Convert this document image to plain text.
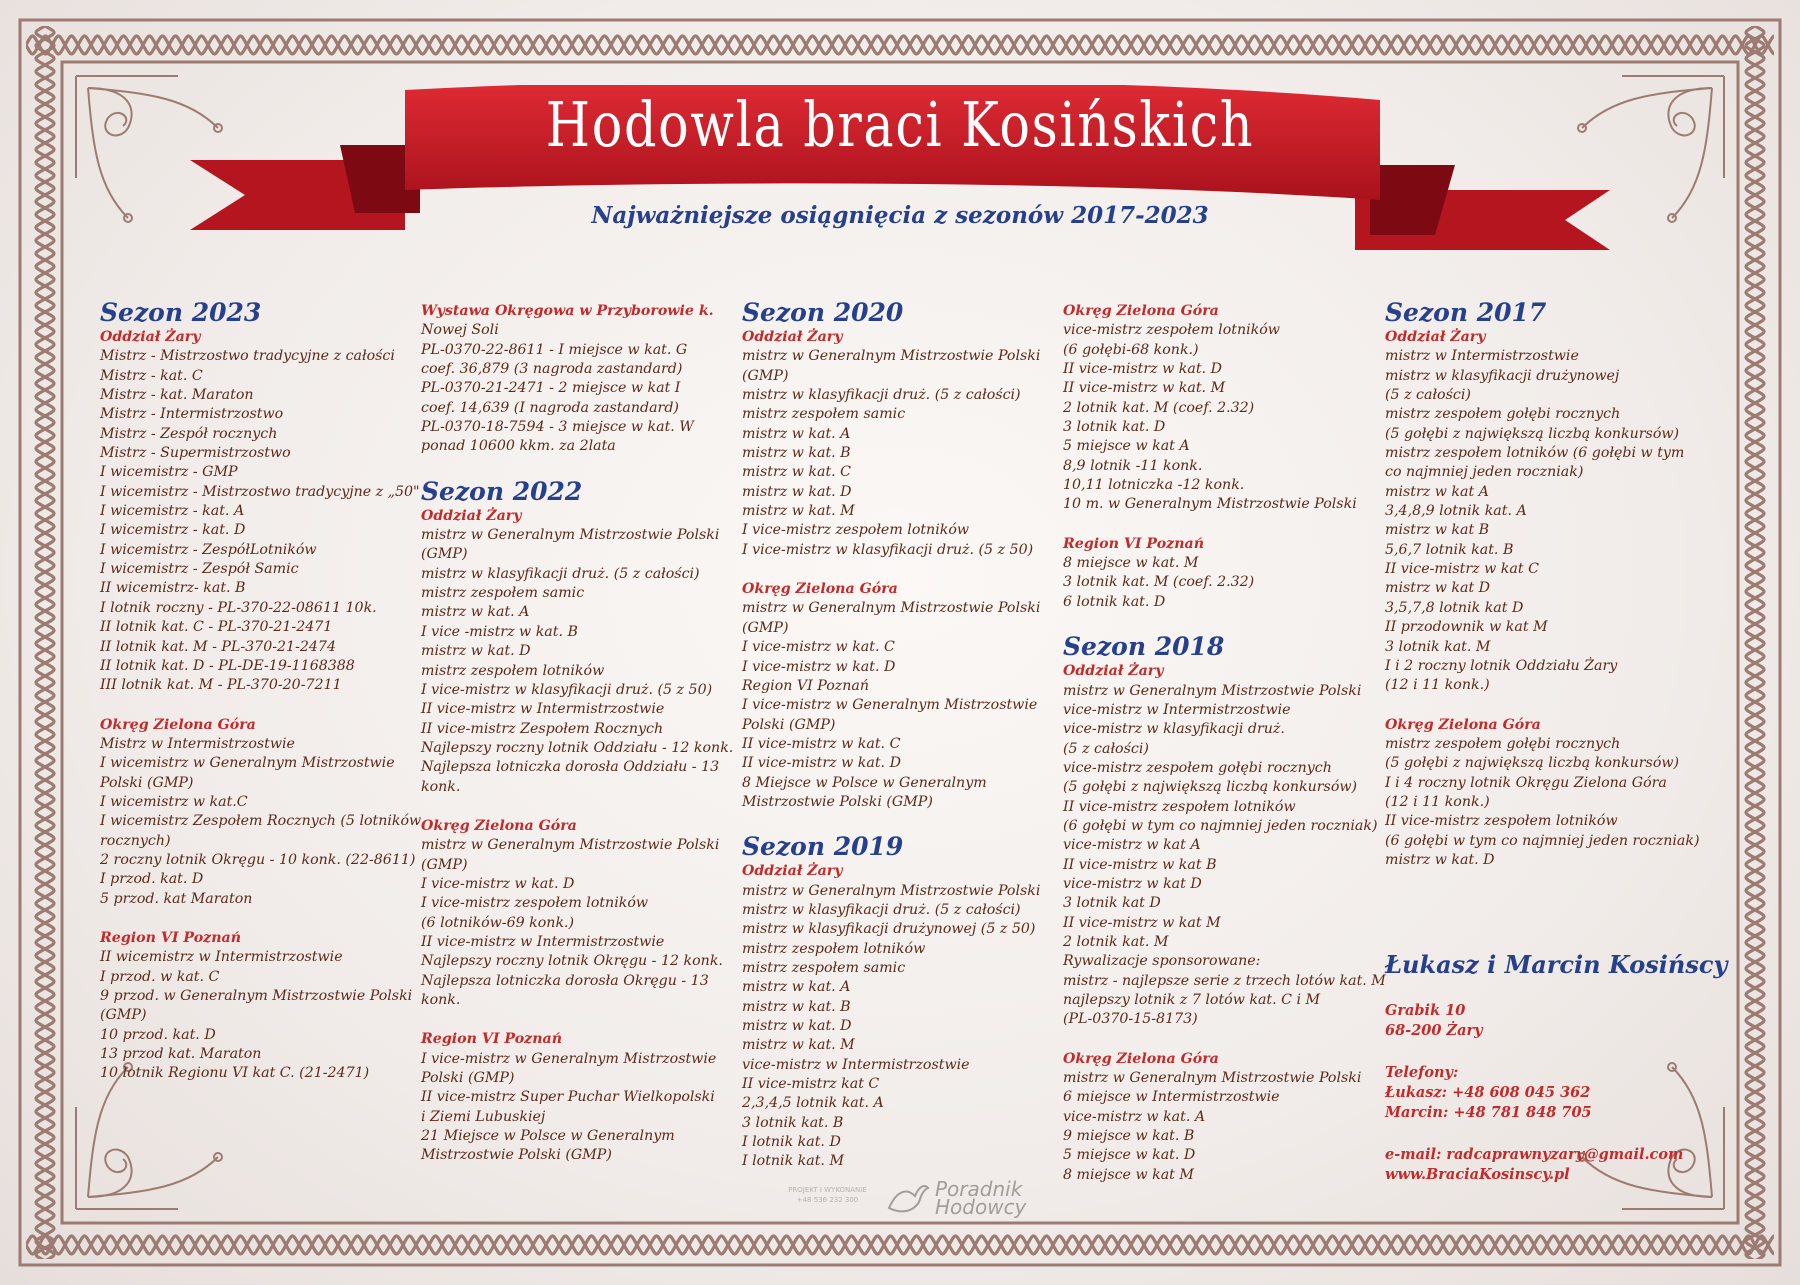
Hodowla braci Kosińskich
Najważniejsze osiągnięcia z sezonów 2017-2023

Sezon 2023

Oddział Żary

Mistrz - Mistrzostwo tradycyjne z całości

Mistrz - kat. C

Mistrz - kat. Maraton

Mistrz - Intermistrzostwo

Mistrz - Zespół rocznych

Mistrz - Supermistrzostwo

I wicemistrz - GMP

I wicemistrz - Mistrzostwo tradycyjne z „50"

I wicemistrz - kat. A

I wicemistrz - kat. D

I wicemistrz - ZespółLotników

I wicemistrz - Zespół Samic

II wicemistrz- kat. B

I lotnik roczny - PL-370-22-08611 10k.

II lotnik kat. C - PL-370-21-2471

II lotnik kat. M - PL-370-21-2474

II lotnik kat. D - PL-DE-19-1168388

III lotnik kat. M - PL-370-20-7211

Okręg Zielona Góra

Mistrz w Intermistrzostwie

I wicemistrz w Generalnym Mistrzostwie

Polski (GMP)

I wicemistrz w kat.C

I wicemistrz Zespołem Rocznych (5 lotników

rocznych)

2 roczny lotnik Okręgu - 10 konk. (22-8611)

I przod. kat. D

5 przod. kat Maraton

Region VI Poznań

II wicemistrz w Intermistrzostwie

I przod. w kat. C

9 przod. w Generalnym Mistrzostwie Polski

(GMP)

10 przod. kat. D

13 przod kat. Maraton

10 lotnik Regionu VI kat C. (21-2471)

Wystawa Okręgowa w Przyborowie k.

Nowej Soli

PL-0370-22-8611 - I miejsce w kat. G

coef. 36,879 (3 nagroda zastandard)

PL-0370-21-2471 - 2 miejsce w kat I

coef. 14,639 (I nagroda zastandard)

PL-0370-18-7594 - 3 miejsce w kat. W

ponad 10600 kkm. za 2lata

Sezon 2022

Oddział Żary

mistrz w Generalnym Mistrzostwie Polski

(GMP)

mistrz w klasyfikacji druż. (5 z całości)

mistrz zespołem samic

mistrz w kat. A

I vice -mistrz w kat. B

mistrz w kat. D

mistrz zespołem lotników

I vice-mistrz w klasyfikacji druż. (5 z 50)

II vice-mistrz w Intermistrzostwie

II vice-mistrz Zespołem Rocznych

Najlepszy roczny lotnik Oddziału - 12 konk.

Najlepsza lotniczka dorosła Oddziału - 13

konk.

Okręg Zielona Góra

mistrz w Generalnym Mistrzostwie Polski

(GMP)

I vice-mistrz w kat. D

I vice-mistrz zespołem lotników

(6 lotników-69 konk.)

II vice-mistrz w Intermistrzostwie

Najlepszy roczny lotnik Okręgu - 12 konk.

Najlepsza lotniczka dorosła Okręgu - 13

konk.

Region VI Poznań

I vice-mistrz w Generalnym Mistrzostwie

Polski (GMP)

II vice-mistrz Super Puchar Wielkopolski

i Ziemi Lubuskiej

21 Miejsce w Polsce w Generalnym

Mistrzostwie Polski (GMP)

Sezon 2020

Oddział Żary

mistrz w Generalnym Mistrzostwie Polski

(GMP)

mistrz w klasyfikacji druż. (5 z całości)

mistrz zespołem samic

mistrz w kat. A

mistrz w kat. B

mistrz w kat. C

mistrz w kat. D

mistrz w kat. M

I vice-mistrz zespołem lotników

I vice-mistrz w klasyfikacji druż. (5 z 50)

Okręg Zielona Góra

mistrz w Generalnym Mistrzostwie Polski

(GMP)

I vice-mistrz w kat. C

I vice-mistrz w kat. D

Region VI Poznań

I vice-mistrz w Generalnym Mistrzostwie

Polski (GMP)

II vice-mistrz w kat. C

II vice-mistrz w kat. D

8 Miejsce w Polsce w Generalnym

Mistrzostwie Polski (GMP)

Sezon 2019

Oddział Żary

mistrz w Generalnym Mistrzostwie Polski

mistrz w klasyfikacji druż. (5 z całości)

mistrz w klasyfikacji drużynowej (5 z 50)

mistrz zespołem lotników

mistrz zespołem samic

mistrz w kat. A

mistrz w kat. B

mistrz w kat. D

mistrz w kat. M

vice-mistrz w Intermistrzostwie

II vice-mistrz kat C

2,3,4,5 lotnik kat. A

3 lotnik kat. B

I lotnik kat. D

I lotnik kat. M

Okręg Zielona Góra

vice-mistrz zespołem lotników

(6 gołębi-68 konk.)

II vice-mistrz w kat. D

II vice-mistrz w kat. M

2 lotnik kat. M (coef. 2.32)

3 lotnik kat. D

5 miejsce w kat A

8,9 lotnik -11 konk.

10,11 lotniczka -12 konk.

10 m. w Generalnym Mistrzostwie Polski

Region VI Poznań

8 miejsce w kat. M

3 lotnik kat. M (coef. 2.32)

6 lotnik kat. D

Sezon 2018

Oddział Żary

mistrz w Generalnym Mistrzostwie Polski

vice-mistrz w Intermistrzostwie

vice-mistrz w klasyfikacji druż.

(5 z całości)

vice-mistrz zespołem gołębi rocznych

(5 gołębi z największą liczbą konkursów)

II vice-mistrz zespołem lotników

(6 gołębi w tym co najmniej jeden roczniak)

vice-mistrz w kat A

II vice-mistrz w kat B

vice-mistrz w kat D

3 lotnik kat D

II vice-mistrz w kat M

2 lotnik kat. M

Rywalizacje sponsorowane:

mistrz - najlepsze serie z trzech lotów kat. M

najlepszy lotnik z 7 lotów kat. C i M

(PL-0370-15-8173)

Okręg Zielona Góra

mistrz w Generalnym Mistrzostwie Polski

6 miejsce w Intermistrzostwie

vice-mistrz w kat. A

9 miejsce w kat. B

5 miejsce w kat. D

8 miejsce w kat M

Sezon 2017

Oddział Żary

mistrz w Intermistrzostwie

mistrz w klasyfikacji drużynowej

(5 z całości)

mistrz zespołem gołębi rocznych

(5 gołębi z największą liczbą konkursów)

mistrz zespołem lotników (6 gołębi w tym

co najmniej jeden roczniak)

mistrz w kat A

3,4,8,9 lotnik kat. A

mistrz w kat B

5,6,7 lotnik kat. B

II vice-mistrz w kat C

mistrz w kat D

3,5,7,8 lotnik kat D

II przodownik w kat M

3 lotnik kat. M

I i 2 roczny lotnik Oddziału Żary

(12 i 11 konk.)

Okręg Zielona Góra

mistrz zespołem gołębi rocznych

(5 gołębi z największą liczbą konkursów)

I i 4 roczny lotnik Okręgu Zielona Góra

(12 i 11 konk.)

II vice-mistrz zespołem lotników

(6 gołębi w tym co najmniej jeden roczniak)

mistrz w kat. D

Łukasz i Marcin Kosińscy

Grabik 10

68-200 Żary

Telefony:

Łukasz: +48 608 045 362

Marcin: +48 781 848 705

e-mail: radcaprawnyzary@gmail.com

www.BraciaKosinscy.pl

PROJEKT I WYKONANIE
+48 536 232 300	Poradnik
Hodowcy
